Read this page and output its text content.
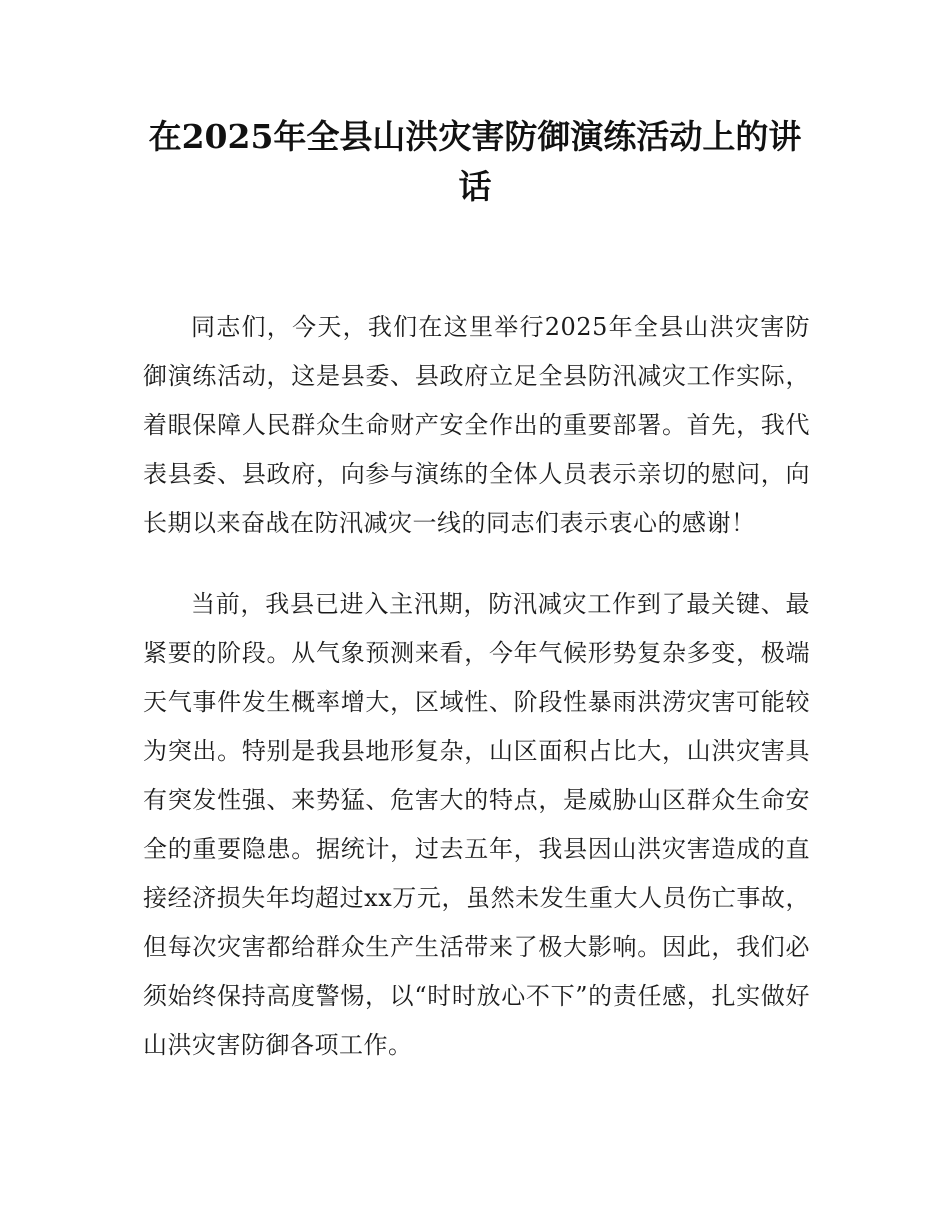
在2025年全县山洪灾害防御演练活动上的讲话

同志们，今天，我们在这里举行2025年全县山洪灾害防御演练活动，这是县委、县政府立足全县防汛减灾工作实际，着眼保障人民群众生命财产安全作出的重要部署。首先，我代表县委、县政府，向参与演练的全体人员表示亲切的慰问，向长期以来奋战在防汛减灾一线的同志们表示衷心的感谢！

当前，我县已进入主汛期，防汛减灾工作到了最关键、最紧要的阶段。从气象预测来看，今年气候形势复杂多变，极端天气事件发生概率增大，区域性、阶段性暴雨洪涝灾害可能较为突出。特别是我县地形复杂，山区面积占比大，山洪灾害具有突发性强、来势猛、危害大的特点，是威胁山区群众生命安全的重要隐患。据统计，过去五年，我县因山洪灾害造成的直接经济损失年均超过xx万元，虽然未发生重大人员伤亡事故，但每次灾害都给群众生产生活带来了极大影响。因此，我们必须始终保持高度警惕，以“时时放心不下”的责任感，扎实做好山洪灾害防御各项工作。
